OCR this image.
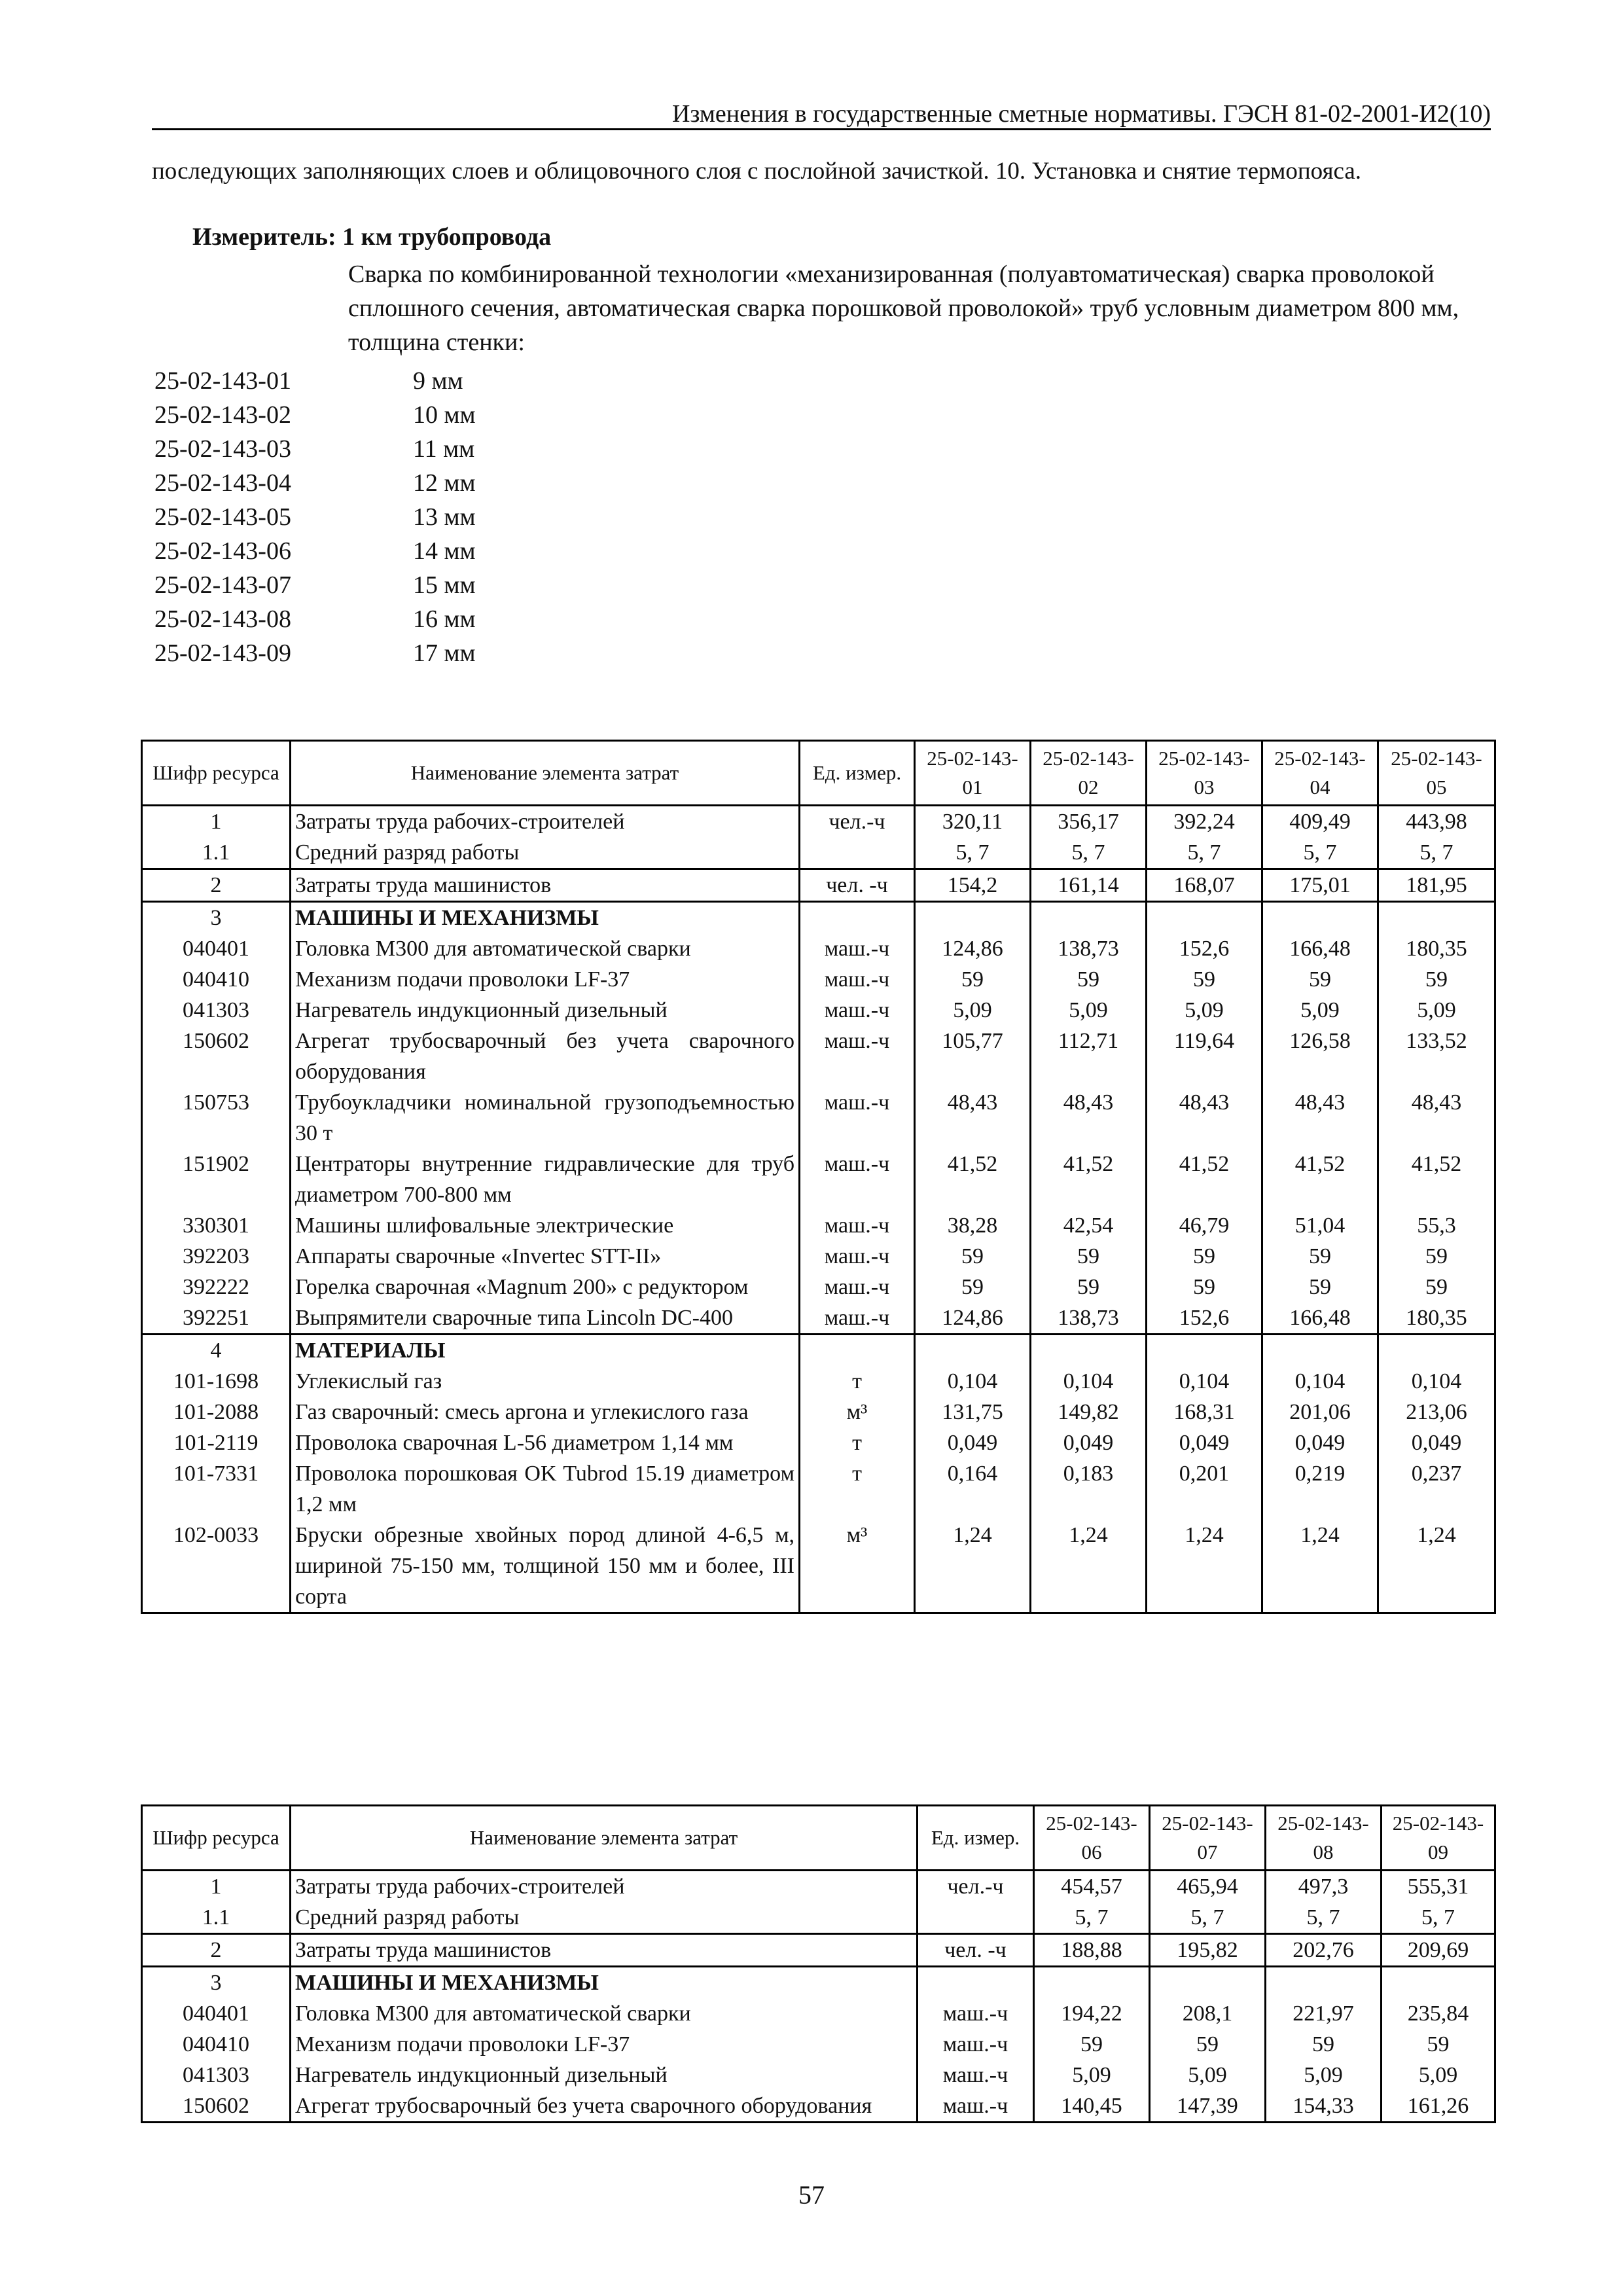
Изменения в государственные сметные нормативы. ГЭСН 81-02-2001-И2(10)
последующих заполняющих слоев и облицовочного слоя с послойной зачисткой. 10. Установка и снятие термопояса.
Измеритель: 1 км трубопровода
Сварка по комбинированной технологии «механизированная (полуавтоматическая) сварка проволокой сплошного сечения, автоматическая сварка порошковой проволокой» труб условным диаметром 800 мм, толщина стенки:
25-02-143-01	9 мм
25-02-143-02	10 мм
25-02-143-03	11 мм
25-02-143-04	12 мм
25-02-143-05	13 мм
25-02-143-06	14 мм
25-02-143-07	15 мм
25-02-143-08	16 мм
25-02-143-09	17 мм
Шифр ресурса	Наименование элемента затрат	Ед. измер.	25-02-143-01	25-02-143-02	25-02-143-03	25-02-143-04	25-02-143-05
1	Затраты труда рабочих-строителей	чел.-ч	320,11	356,17	392,24	409,49	443,98
1.1	Средний разряд работы		5, 7	5, 7	5, 7	5, 7	5, 7
2	Затраты труда машинистов	чел. -ч	154,2	161,14	168,07	175,01	181,95
3	МАШИНЫ И МЕХАНИЗМЫ						
040401	Головка M300 для автоматической сварки	маш.-ч	124,86	138,73	152,6	166,48	180,35
040410	Механизм подачи проволоки LF-37	маш.-ч	59	59	59	59	59
041303	Нагреватель индукционный дизельный	маш.-ч	5,09	5,09	5,09	5,09	5,09
150602	Агрегат трубосварочный без учета сварочного оборудования	маш.-ч	105,77	112,71	119,64	126,58	133,52
150753	Трубоукладчики номинальной грузоподъемностью 30 т	маш.-ч	48,43	48,43	48,43	48,43	48,43
151902	Центраторы внутренние гидравлические для труб диаметром 700-800 мм	маш.-ч	41,52	41,52	41,52	41,52	41,52
330301	Машины шлифовальные электрические	маш.-ч	38,28	42,54	46,79	51,04	55,3
392203	Аппараты сварочные «Invertec STT-II»	маш.-ч	59	59	59	59	59
392222	Горелка сварочная «Magnum 200» с редуктором	маш.-ч	59	59	59	59	59
392251	Выпрямители сварочные типа Lincoln DC-400	маш.-ч	124,86	138,73	152,6	166,48	180,35
4	МАТЕРИАЛЫ						
101-1698	Углекислый газ	т	0,104	0,104	0,104	0,104	0,104
101-2088	Газ сварочный: смесь аргона и углекислого газа	м³	131,75	149,82	168,31	201,06	213,06
101-2119	Проволока сварочная L-56 диаметром 1,14 мм	т	0,049	0,049	0,049	0,049	0,049
101-7331	Проволока порошковая OK Tubrod 15.19 диаметром 1,2 мм	т	0,164	0,183	0,201	0,219	0,237
102-0033	Бруски обрезные хвойных пород длиной 4-6,5 м, шириной 75-150 мм, толщиной 150 мм и более, III сорта	м³	1,24	1,24	1,24	1,24	1,24
Шифр ресурса	Наименование элемента затрат	Ед. измер.	25-02-143-06	25-02-143-07	25-02-143-08	25-02-143-09
1	Затраты труда рабочих-строителей	чел.-ч	454,57	465,94	497,3	555,31
1.1	Средний разряд работы		5, 7	5, 7	5, 7	5, 7
2	Затраты труда машинистов	чел. -ч	188,88	195,82	202,76	209,69
3	МАШИНЫ И МЕХАНИЗМЫ					
040401	Головка M300 для автоматической сварки	маш.-ч	194,22	208,1	221,97	235,84
040410	Механизм подачи проволоки LF-37	маш.-ч	59	59	59	59
041303	Нагреватель индукционный дизельный	маш.-ч	5,09	5,09	5,09	5,09
150602	Агрегат трубосварочный без учета сварочного оборудования	маш.-ч	140,45	147,39	154,33	161,26
57
